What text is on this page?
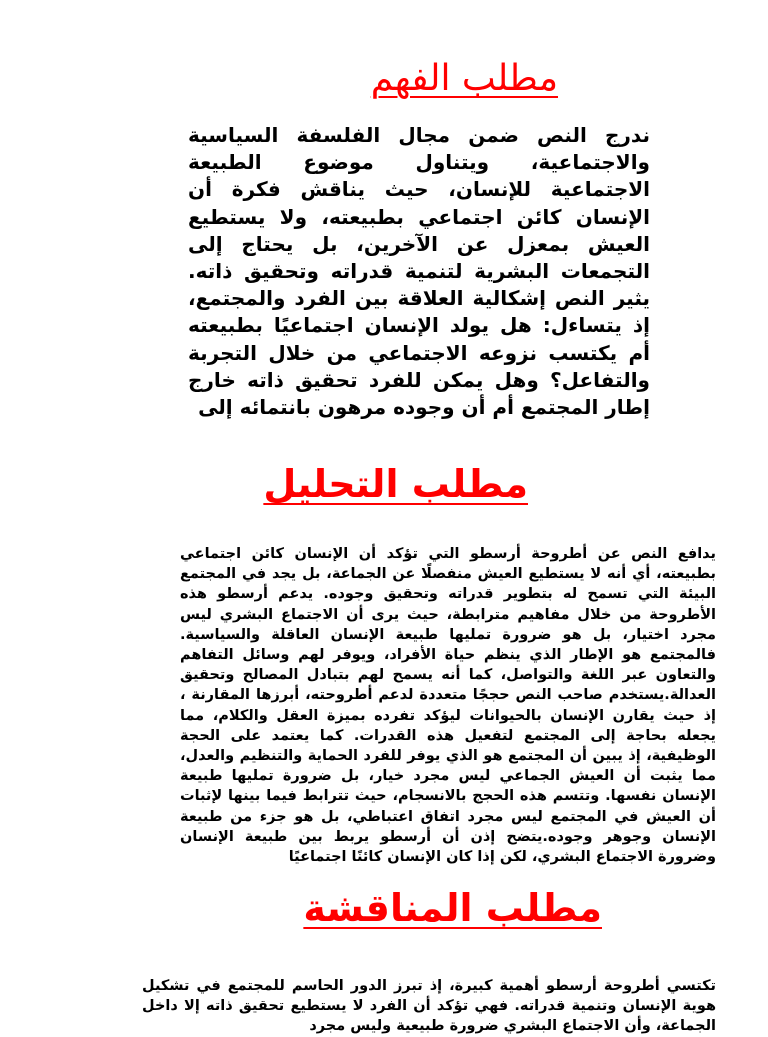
مطلب الفهم

ندرج النص ضمن مجال الفلسفة السياسية والاجتماعية، ويتناول موضوع الطبيعة الاجتماعية للإنسان، حيث يناقش فكرة أن الإنسان كائن اجتماعي بطبيعته، ولا يستطيع العيش بمعزل عن الآخرين، بل يحتاج إلى التجمعات البشرية لتنمية قدراته وتحقيق ذاته. يثير النص إشكالية العلاقة بين الفرد والمجتمع، إذ يتساءل: هل يولد الإنسان اجتماعيًا بطبيعته أم يكتسب نزوعه الاجتماعي من خلال التجربة والتفاعل؟ وهل يمكن للفرد تحقيق ذاته خارج إطار المجتمع أم أن وجوده مرهون بانتمائه إلى

مطلب التحليل

يدافع النص عن أطروحة أرسطو التي تؤكد أن الإنسان كائن اجتماعي بطبيعته، أي أنه لا يستطيع العيش منفصلًا عن الجماعة، بل يجد في المجتمع البيئة التي تسمح له بتطوير قدراته وتحقيق وجوده. يدعم أرسطو هذه الأطروحة من خلال مفاهيم مترابطة، حيث يرى أن الاجتماع البشري ليس مجرد اختيار، بل هو ضرورة تمليها طبيعة الإنسان العاقلة والسياسية. فالمجتمع هو الإطار الذي ينظم حياة الأفراد، ويوفر لهم وسائل التفاهم والتعاون عبر اللغة والتواصل، كما أنه يسمح لهم بتبادل المصالح وتحقيق العدالة.يستخدم صاحب النص حججًا متعددة لدعم أطروحته، أبرزها المقارنة ، إذ حيث يقارن الإنسان بالحيوانات ليؤكد تفرده بميزة العقل والكلام، مما يجعله بحاجة إلى المجتمع لتفعيل هذه القدرات. كما يعتمد على الحجة الوظيفية، إذ يبين أن المجتمع هو الذي يوفر للفرد الحماية والتنظيم والعدل، مما يثبت أن العيش الجماعي ليس مجرد خيار، بل ضرورة تمليها طبيعة الإنسان نفسها. وتتسم هذه الحجج بالانسجام، حيث تترابط فيما بينها لإثبات أن العيش في المجتمع ليس مجرد اتفاق اعتباطي، بل هو جزء من طبيعة الإنسان وجوهر وجوده.يتضح إذن أن أرسطو يربط بين طبيعة الإنسان وضرورة الاجتماع البشري، لكن إذا كان الإنسان كائنًا اجتماعيًا

مطلب المناقشة

تكتسي أطروحة أرسطو أهمية كبيرة، إذ تبرز الدور الحاسم للمجتمع في تشكيل هوية الإنسان وتنمية قدراته. فهي تؤكد أن الفرد لا يستطيع تحقيق ذاته إلا داخل الجماعة، وأن الاجتماع البشري ضرورة طبيعية وليس مجرد
